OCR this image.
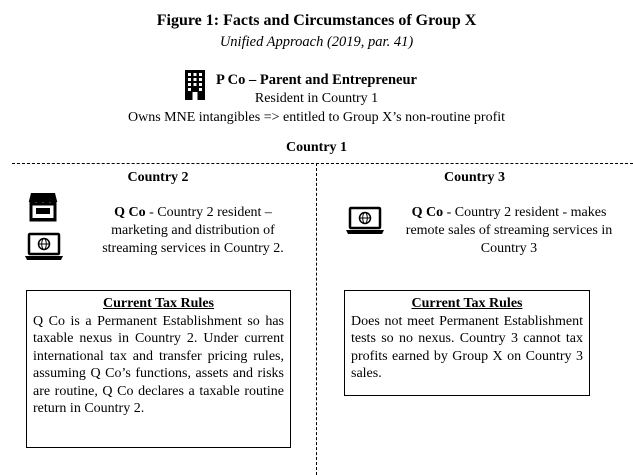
Figure 1: Facts and Circumstances of Group X
Unified Approach (2019, par. 41)
P Co – Parent and Entrepreneur
Resident in Country 1
Owns MNE intangibles => entitled to Group X’s non-routine profit
Country 1
Country 2	Country 3
Q Co - Country 2 resident – marketing and distribution of streaming services in Country 2.
Q Co - Country 2 resident - makes remote sales of streaming services in Country 3
Current Tax Rules
Q Co is a Permanent Establishment so has taxable nexus in Country 2. Under current international tax and transfer pricing rules, assuming Q Co’s functions, assets and risks are routine, Q Co declares a taxable routine return in Country 2.
Current Tax Rules
Does not meet Permanent Establishment tests so no nexus. Country 3 cannot tax profits earned by Group X on Country 3 sales.
